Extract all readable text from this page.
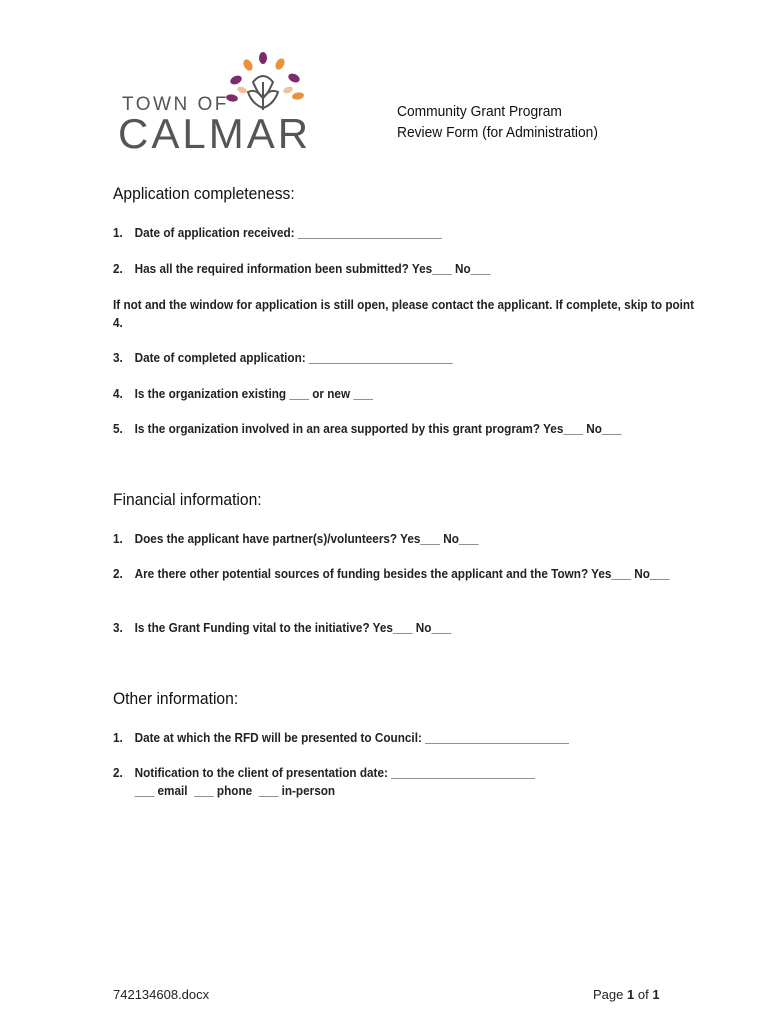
TOWN OF
CALMAR	Community Grant Program
Review Form (for Administration)
Application completeness:
1. Date of application received: ______________________
2. Has all the required information been submitted? Yes___ No___
If not and the window for application is still open, please contact the applicant. If complete, skip to point 4.
3. Date of completed application: ______________________
4. Is the organization existing ___ or new ___
5. Is the organization involved in an area supported by this grant program? Yes___ No___
Financial information:
1. Does the applicant have partner(s)/volunteers? Yes___ No___
2. Are there other potential sources of funding besides the applicant and the Town? Yes___ No___
3. Is the Grant Funding vital to the initiative? Yes___ No___
Other information:
1. Date at which the RFD will be presented to Council: ______________________
2. Notification to the client of presentation date: ______________________
___ email  ___ phone  ___ in-person
742134608.docx	Page 1 of 1
